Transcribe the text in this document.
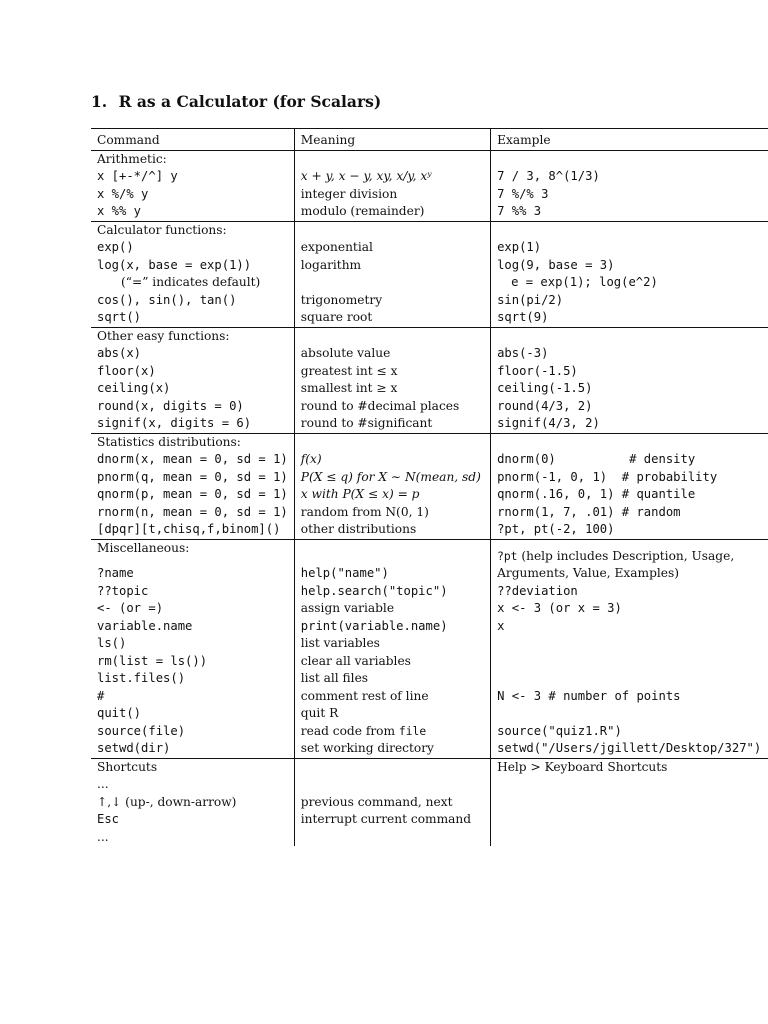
1. R as a Calculator (for Scalars)
Command	Meaning	Example
Arithmetic:		
x [+-*/^] y	x + y, x − y, xy, x/y, xʸ	7 / 3, 8^(1/3)
x %/% y	integer division	7 %/% 3
x %% y	modulo (remainder)	7 %% 3
Calculator functions:		
exp()	exponential	exp(1)
log(x, base = exp(1))	logarithm	log(9, base = 3)
(“=” indicates default)		e = exp(1); log(e^2)
cos(), sin(), tan()	trigonometry	sin(pi/2)
sqrt()	square root	sqrt(9)
Other easy functions:		
abs(x)	absolute value	abs(-3)
floor(x)	greatest int ≤ x	floor(-1.5)
ceiling(x)	smallest int ≥ x	ceiling(-1.5)
round(x, digits = 0)	round to #decimal places	round(4/3, 2)
signif(x, digits = 6)	round to #significant	signif(4/3, 2)
Statistics distributions:		
dnorm(x, mean = 0, sd = 1)	f(x)	dnorm(0)          # density
pnorm(q, mean = 0, sd = 1)	P(X ≤ q) for X ∼ N(mean, sd)	pnorm(-1, 0, 1)  # probability
qnorm(p, mean = 0, sd = 1)	x with P(X ≤ x) = p	qnorm(.16, 0, 1) # quantile
rnorm(n, mean = 0, sd = 1)	random from N(0, 1)	rnorm(1, 7, .01) # random
[dpqr][t,chisq,f,binom]()	other distributions	?pt, pt(-2, 100)
Miscellaneous:		?pt (help includes Description, Usage,
Arguments, Value, Examples)
?name	help("name")	
??topic	help.search("topic")	??deviation
<- (or =)	assign variable	x <- 3 (or x = 3)
variable.name	print(variable.name)	x
ls()	list variables	
rm(list = ls())	clear all variables	
list.files()	list all files	
#	comment rest of line	N <- 3 # number of points
quit()	quit R	
source(file)	read code from file	source("quiz1.R")
setwd(dir)	set working directory	setwd("/Users/jgillett/Desktop/327")
Shortcuts		Help > Keyboard Shortcuts
...		
↑,↓ (up-, down-arrow)	previous command, next	
Esc	interrupt current command	
...		
